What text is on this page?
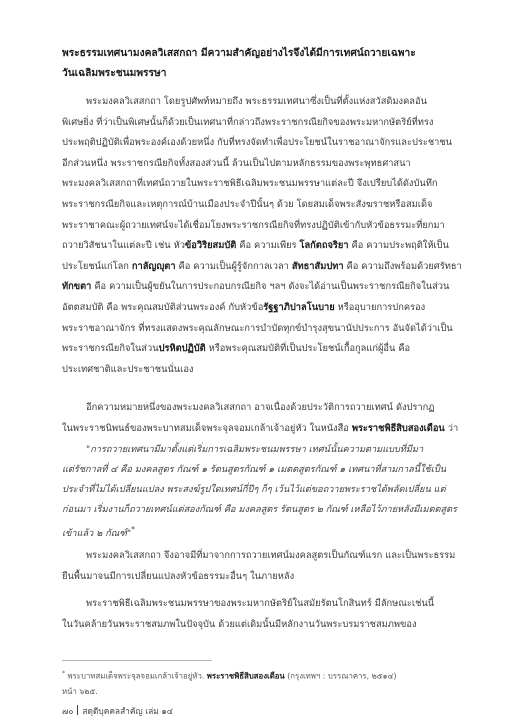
พระธรรมเทศนามงคลวิเสสกถา มีความสำคัญอย่างไรจึงได้มีการเทศน์ถวายเฉพาะ
วันเฉลิมพระชนมพรรษา

พระมงคลวิเสสกถา โดยรูปศัพท์หมายถึง พระธรรมเทศนาซึ่งเป็นที่ตั้งแห่งสวัสดิมงคลอัน
พิเศษยิ่ง ที่ว่าเป็นพิเศษนั้นก็ด้วยเป็นเทศนาที่กล่าวถึงพระราชกรณียกิจของพระมหากษัตริย์ที่ทรง
ประพฤติปฏิบัติเพื่อพระองค์เองด้วยหนึ่ง กับที่ทรงจัดทำเพื่อประโยชน์ในราชอาณาจักรและประชาชน
อีกส่วนหนึ่ง พระราชกรณียกิจทั้งสองส่วนนี้ ล้วนเป็นไปตามหลักธรรมของพระพุทธศาสนา
พระมงคลวิเสสกถาที่เทศน์ถวายในพระราชพิธีเฉลิมพระชนมพรรษาแต่ละปี จึงเปรียบได้ดังบันทึก
พระราชกรณียกิจและเหตุการณ์บ้านเมืองประจำปีนั้นๆ ด้วย โดยสมเด็จพระสังฆราชหรือสมเด็จ
พระราชาคณะผู้ถวายเทศน์จะได้เชื่อมโยงพระราชกรณียกิจที่ทรงปฏิบัติเข้ากับหัวข้อธรรมะที่ยกมา
ถวายวิสัชนาในแต่ละปี เช่น หัวข้อวิริยสมบัติ คือ ความเพียร โลกัตถจริยา คือ ความประพฤติให้เป็น
ประโยชน์แก่โลก กาลัญญุตา คือ ความเป็นผู้รู้จักกาลเวลา สัทธาสัมปทา คือ ความถึงพร้อมด้วยศรัทธา
ทักขตา คือ ความเป็นผู้ขยันในการประกอบกรณียกิจ ฯลฯ ดังจะได้อ่านเป็นพระราชกรณียกิจในส่วน
อัตตสมบัติ คือ พระคุณสมบัติส่วนพระองค์ กับหัวข้อรัฐฐาภิปาลโนบาย หรืออุบายการปกครอง
พระราชอาณาจักร ที่ทรงแสดงพระคุณลักษณะการบำบัดทุกข์บำรุงสุขนานัปประการ อันจัดได้ว่าเป็น
พระราชกรณียกิจในส่วนปรหิตปฏิบัติ หรือพระคุณสมบัติที่เป็นประโยชน์เกื้อกูลแก่ผู้อื่น คือ
ประเทศชาติและประชาชนนั่นเอง

อีกความหมายหนึ่งของพระมงคลวิเสสกถา อาจเนื่องด้วยประวัติการถวายเทศน์ ดังปรากฏ
ในพระราชนิพนธ์ของพระบาทสมเด็จพระจุลจอมเกล้าเจ้าอยู่หัว ในหนังสือ พระราชพิธีสิบสองเดือน ว่า

"การถวายเทศนามีมาตั้งแต่เริ่มการเฉลิมพระชนมพรรษา เทศน์นั้นความตามแบบที่มีมา
แต่รัชกาลที่ ๔ คือ มงคลสูตร กัณฑ์ ๑ รัตนสูตรกัณฑ์ ๑ เมตตสูตรกัณฑ์ ๑ เทศนาที่สามกาลนี้ใช้เป็น
ประจำที่ไม่ได้เปลี่ยนแปลง พระสงฆ์รูปใดเทศน์กี่ปีๆ ก็ๆ เว้นไว้แต่ขอถวายพระราชได้พลัดเปลี่ยน แต่
ก่อนมา เริ่มงานก็ถวายเทศน์แต่สองกัณฑ์ คือ มงคลสูตร รัตนสูตร ๒ กัณฑ์ เหลือไว้ภายหลังมีเมตตสูตร
เข้าแล้ว ๒ กัณฑ์"*

พระมงคลวิเสสกถา จึงอาจมีที่มาจากการถวายเทศน์มงคลสูตรเป็นกัณฑ์แรก และเป็นพระธรรม
ยืนพื้นมาจนมีการเปลี่ยนแปลงหัวข้อธรรมะอื่นๆ ในภายหลัง

พระราชพิธีเฉลิมพระชนมพรรษาของพระมหากษัตริย์ในสมัยรัตนโกสินทร์ มีลักษณะเช่นนี้
ในวันคล้ายวันพระราชสมภพในปัจจุบัน ด้วยแต่เดิมนั้นมีหลักงานวันพระบรมราชสมภพของ

* พระบาทสมเด็จพระจุลจอมเกล้าเจ้าอยู่หัว. พระราชพิธีสิบสองเดือน (กรุงเทพฯ : บรรณาคาร, ๒๕๑๔)
หน้า ๖๒๕.

๗๐ สดุดีบุคคลสำคัญ เล่ม ๑๔
